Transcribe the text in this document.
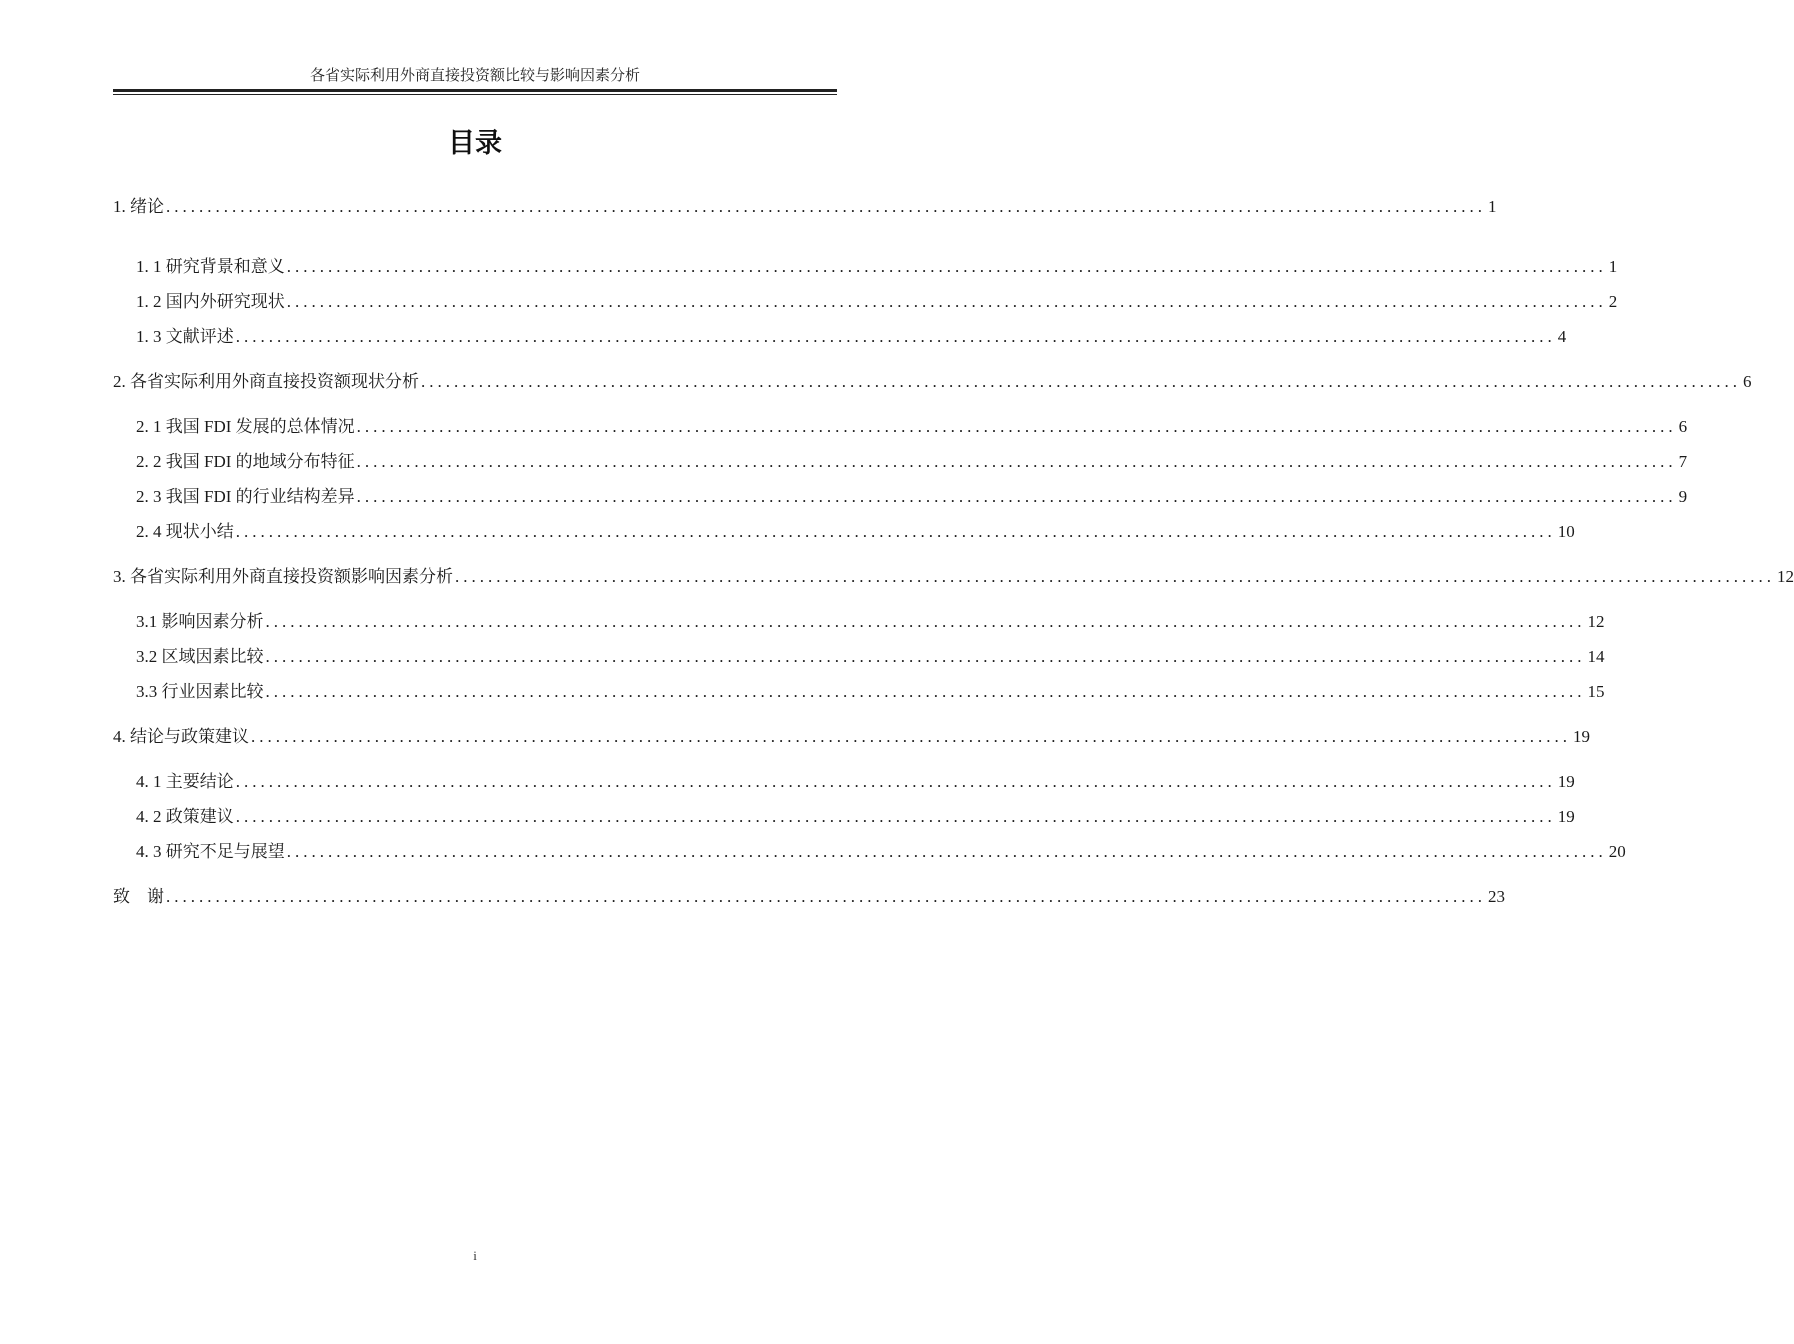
各省实际利用外商直接投资额比较与影响因素分析
目录
1. 绪论 ................................................................................................................................................................ 1
1. 1 研究背景和意义 ................................................................................................................................................................ 1
1. 2 国内外研究现状 ................................................................................................................................................................ 2
1. 3 文献评述 ................................................................................................................................................................ 4
2. 各省实际利用外商直接投资额现状分析 ................................................................................................................................................................ 6
2. 1 我国 FDI 发展的总体情况 ................................................................................................................................................................ 6
2. 2 我国 FDI 的地域分布特征 ................................................................................................................................................................ 7
2. 3 我国 FDI 的行业结构差异 ................................................................................................................................................................ 9
2. 4 现状小结 ................................................................................................................................................................ 10
3. 各省实际利用外商直接投资额影响因素分析 ................................................................................................................................................................ 12
3.1 影响因素分析 ................................................................................................................................................................ 12
3.2 区域因素比较 ................................................................................................................................................................ 14
3.3 行业因素比较 ................................................................................................................................................................ 15
4. 结论与政策建议 ................................................................................................................................................................ 19
4. 1 主要结论 ................................................................................................................................................................ 19
4. 2 政策建议 ................................................................................................................................................................ 19
4. 3 研究不足与展望 ................................................................................................................................................................ 20
致    谢 ................................................................................................................................................................ 23
i
